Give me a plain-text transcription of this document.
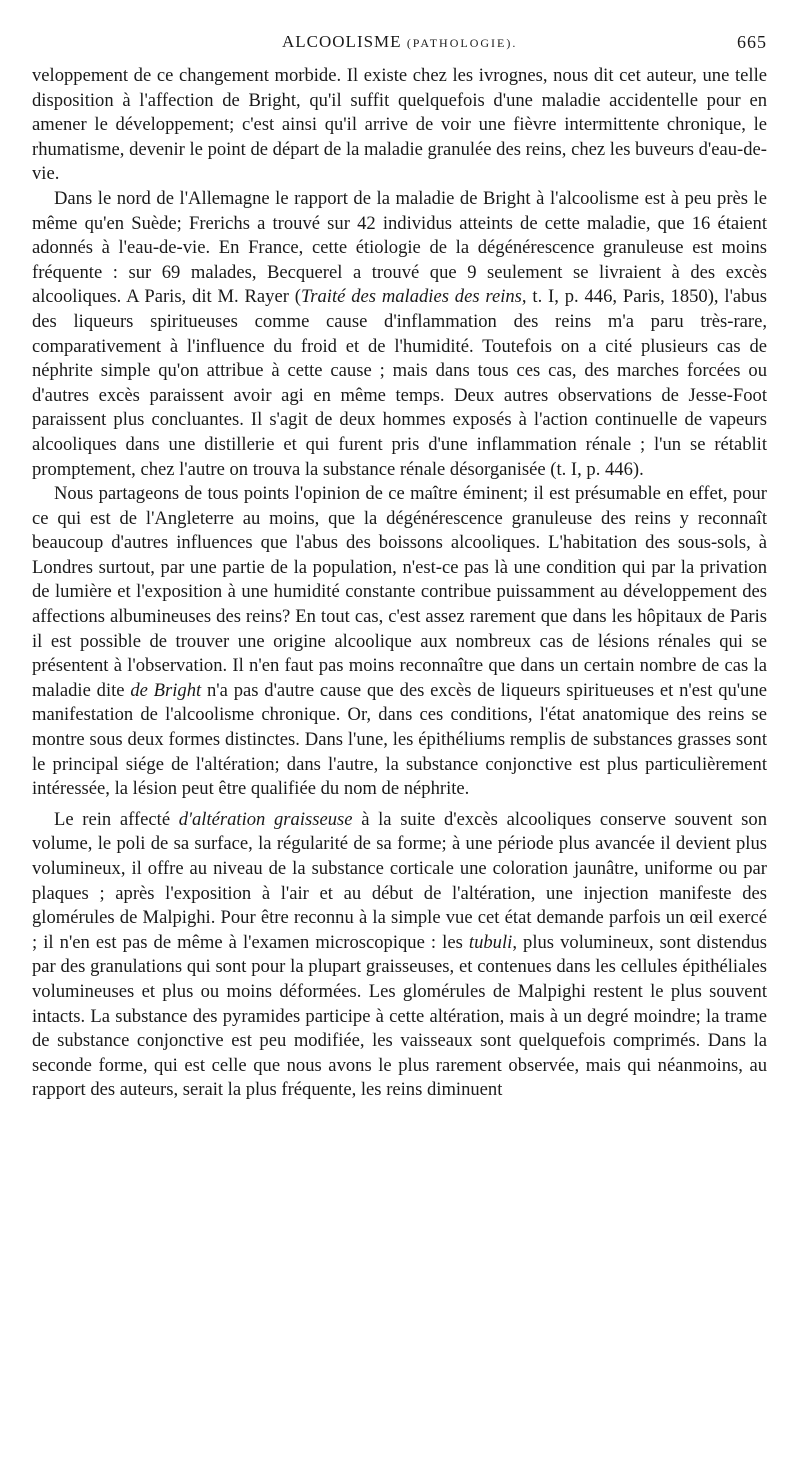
ALCOOLISME (PATHOLOGIE).	665

veloppement de ce changement morbide. Il existe chez les ivrognes, nous dit cet auteur, une telle disposition à l'affection de Bright, qu'il suffit quelquefois d'une maladie accidentelle pour en amener le développement; c'est ainsi qu'il arrive de voir une fièvre intermittente chronique, le rhumatisme, devenir le point de départ de la maladie granulée des reins, chez les buveurs d'eau-de-vie.

Dans le nord de l'Allemagne le rapport de la maladie de Bright à l'alcoolisme est à peu près le même qu'en Suède; Frerichs a trouvé sur 42 individus atteints de cette maladie, que 16 étaient adonnés à l'eau-de-vie. En France, cette étiologie de la dégénérescence granuleuse est moins fréquente : sur 69 malades, Becquerel a trouvé que 9 seulement se livraient à des excès alcooliques. A Paris, dit M. Rayer (Traité des maladies des reins, t. I, p. 446, Paris, 1850), l'abus des liqueurs spiritueuses comme cause d'inflammation des reins m'a paru très-rare, comparativement à l'influence du froid et de l'humidité. Toutefois on a cité plusieurs cas de néphrite simple qu'on attribue à cette cause ; mais dans tous ces cas, des marches forcées ou d'autres excès paraissent avoir agi en même temps. Deux autres observations de Jesse-Foot paraissent plus concluantes. Il s'agit de deux hommes exposés à l'action continuelle de vapeurs alcooliques dans une distillerie et qui furent pris d'une inflammation rénale ; l'un se rétablit promptement, chez l'autre on trouva la substance rénale désorganisée (t. I, p. 446).

Nous partageons de tous points l'opinion de ce maître éminent; il est présumable en effet, pour ce qui est de l'Angleterre au moins, que la dégénérescence granuleuse des reins y reconnaît beaucoup d'autres influences que l'abus des boissons alcooliques. L'habitation des sous-sols, à Londres surtout, par une partie de la population, n'est-ce pas là une condition qui par la privation de lumière et l'exposition à une humidité constante contribue puissamment au développement des affections albumineuses des reins? En tout cas, c'est assez rarement que dans les hôpitaux de Paris il est possible de trouver une origine alcoolique aux nombreux cas de lésions rénales qui se présentent à l'observation. Il n'en faut pas moins reconnaître que dans un certain nombre de cas la maladie dite de Bright n'a pas d'autre cause que des excès de liqueurs spiritueuses et n'est qu'une manifestation de l'alcoolisme chronique. Or, dans ces conditions, l'état anatomique des reins se montre sous deux formes distinctes. Dans l'une, les épithéliums remplis de substances grasses sont le principal siége de l'altération; dans l'autre, la substance conjonctive est plus particulièrement intéressée, la lésion peut être qualifiée du nom de néphrite.

Le rein affecté d'altération graisseuse à la suite d'excès alcooliques conserve souvent son volume, le poli de sa surface, la régularité de sa forme; à une période plus avancée il devient plus volumineux, il offre au niveau de la substance corticale une coloration jaunâtre, uniforme ou par plaques ; après l'exposition à l'air et au début de l'altération, une injection manifeste des glomérules de Malpighi. Pour être reconnu à la simple vue cet état demande parfois un œil exercé ; il n'en est pas de même à l'examen microscopique : les tubuli, plus volumineux, sont distendus par des granulations qui sont pour la plupart graisseuses, et contenues dans les cellules épithéliales volumineuses et plus ou moins déformées. Les glomérules de Malpighi restent le plus souvent intacts. La substance des pyramides participe à cette altération, mais à un degré moindre; la trame de substance conjonctive est peu modifiée, les vaisseaux sont quelquefois comprimés. Dans la seconde forme, qui est celle que nous avons le plus rarement observée, mais qui néanmoins, au rapport des auteurs, serait la plus fréquente, les reins diminuent
